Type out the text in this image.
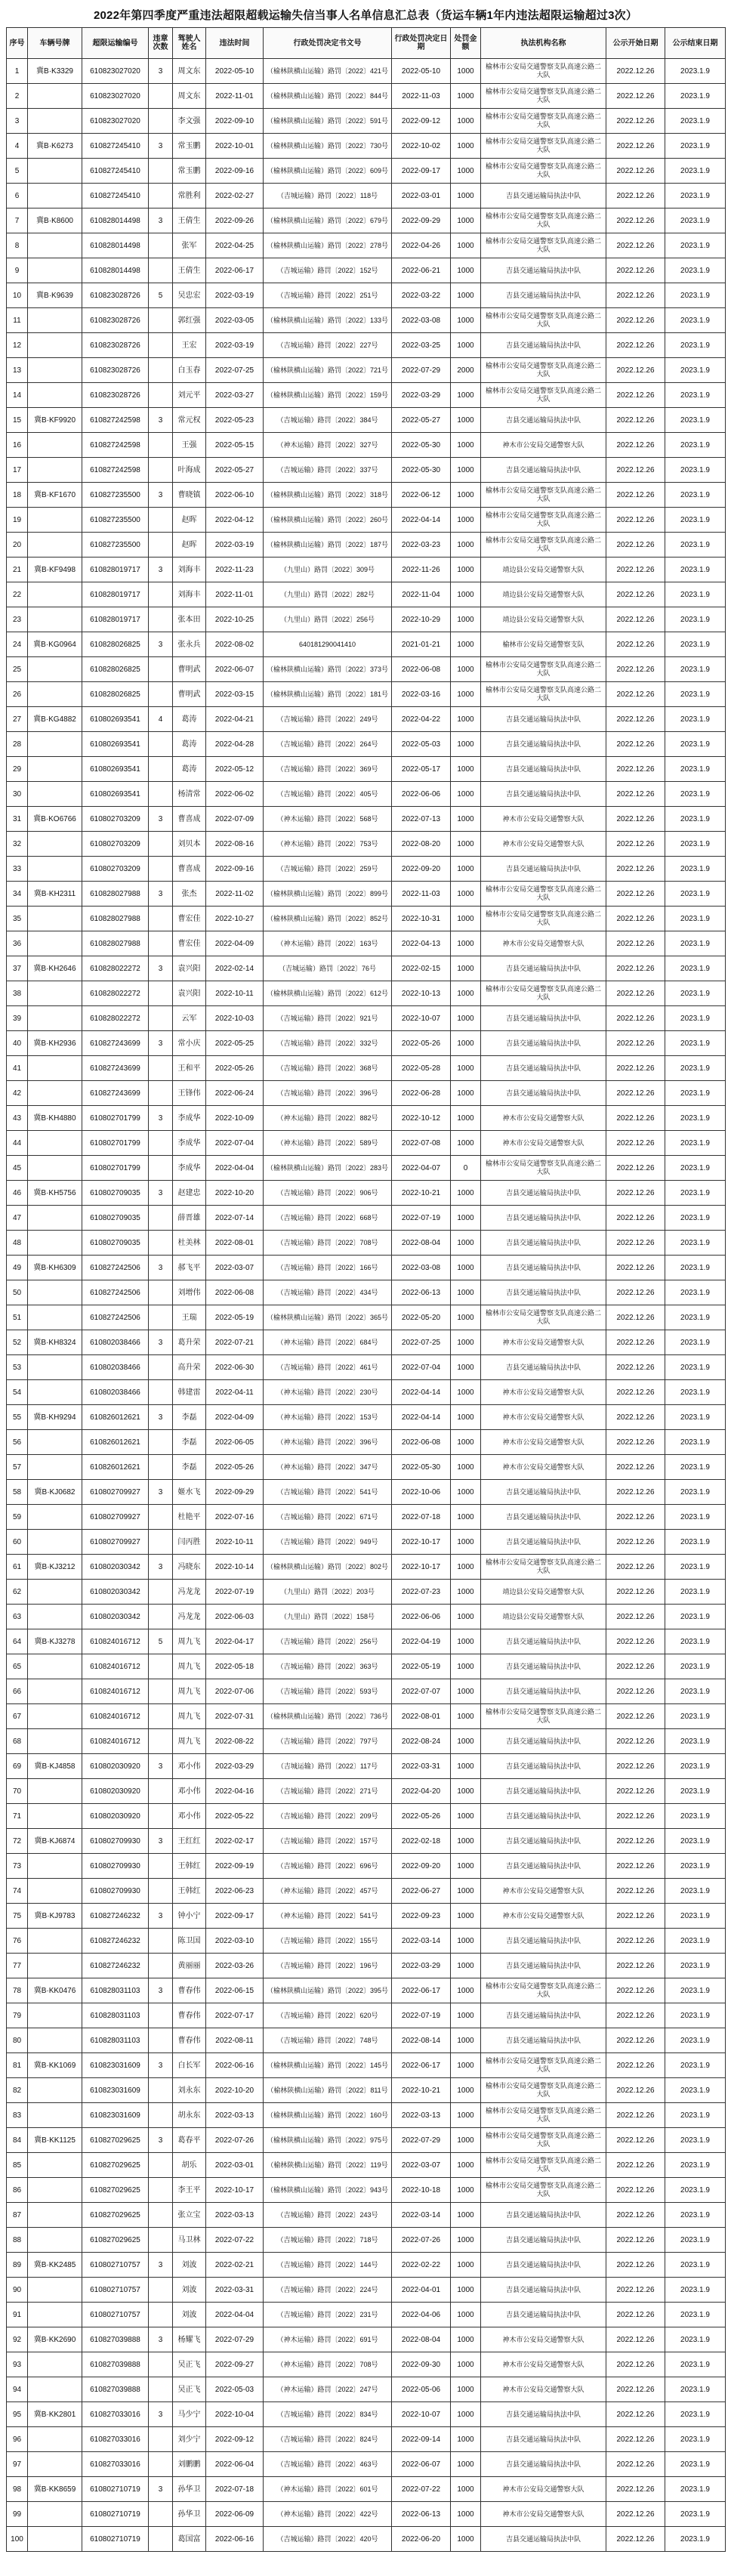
2022年第四季度严重违法超限超载运输失信当事人名单信息汇总表（货运车辆1年内违法超限运输超过3次）
序号	车辆号牌	超限运输编号	违章次数	驾驶人姓名	违法时间	行政处罚决定书文号	行政处罚决定日期	处罚金额	执法机构名称	公示开始日期	公示结束日期
1	冀B·K3329	610823027020	3	周文东	2022-05-10	（榆林陕横山运输）路罚〔2022〕421号	2022-05-10	1000	榆林市公安局交通警察支队高速公路二大队	2022.12.26	2023.1.9
2		610823027020		周文东	2022-11-01	（榆林陕横山运输）路罚〔2022〕844号	2022-11-03	1000	榆林市公安局交通警察支队高速公路二大队	2022.12.26	2023.1.9
3		610823027020		李文强	2022-09-10	（榆林陕横山运输）路罚〔2022〕591号	2022-09-12	1000	榆林市公安局交通警察支队高速公路二大队	2022.12.26	2023.1.9
4	冀B·K6273	610827245410	3	常玉鹏	2022-10-01	（榆林陕横山运输）路罚〔2022〕730号	2022-10-02	1000	榆林市公安局交通警察支队高速公路二大队	2022.12.26	2023.1.9
5		610827245410		常玉鹏	2022-09-16	（榆林陕横山运输）路罚〔2022〕609号	2022-09-17	1000	榆林市公安局交通警察支队高速公路二大队	2022.12.26	2023.1.9
6		610827245410		常胜利	2022-02-27	（吉城运输）路罚〔2022〕118号	2022-03-01	1000	吉县交通运输局执法中队	2022.12.26	2023.1.9
7	冀B·K8600	610828014498	3	王倩生	2022-09-26	（榆林陕横山运输）路罚〔2022〕679号	2022-09-29	1000	榆林市公安局交通警察支队高速公路二大队	2022.12.26	2023.1.9
8		610828014498		张军	2022-04-25	（榆林陕横山运输）路罚〔2022〕278号	2022-04-26	1000	榆林市公安局交通警察支队高速公路二大队	2022.12.26	2023.1.9
9		610828014498		王倩生	2022-06-17	（吉城运输）路罚〔2022〕152号	2022-06-21	1000	吉县交通运输局执法中队	2022.12.26	2023.1.9
10	冀B·K9639	610823028726	5	吴忠宏	2022-03-19	（吉城运输）路罚〔2022〕251号	2022-03-22	1000	吉县交通运输局执法中队	2022.12.26	2023.1.9
11		610823028726		郭红强	2022-03-05	（榆林陕横山运输）路罚〔2022〕133号	2022-03-08	1000	榆林市公安局交通警察支队高速公路二大队	2022.12.26	2023.1.9
12		610823028726		王宏	2022-03-19	（吉城运输）路罚〔2022〕227号	2022-03-25	1000	吉县交通运输局执法中队	2022.12.26	2023.1.9
13		610823028726		白玉春	2022-07-25	（榆林陕横山运输）路罚〔2022〕721号	2022-07-29	2000	榆林市公安局交通警察支队高速公路二大队	2022.12.26	2023.1.9
14		610823028726		刘元平	2022-03-27	（榆林陕横山运输）路罚〔2022〕159号	2022-03-29	1000	榆林市公安局交通警察支队高速公路二大队	2022.12.26	2023.1.9
15	冀B·KF9920	610827242598	3	常元权	2022-05-23	（吉城运输）路罚〔2022〕384号	2022-05-27	1000	吉县交通运输局执法中队	2022.12.26	2023.1.9
16		610827242598		王强	2022-05-15	（神木运输）路罚〔2022〕327号	2022-05-30	1000	神木市公安局交通警察大队	2022.12.26	2023.1.9
17		610827242598		叶海成	2022-05-27	（吉城运输）路罚〔2022〕337号	2022-05-30	1000	吉县交通运输局执法中队	2022.12.26	2023.1.9
18	冀B·KF1670	610827235500	3	曹晓镇	2022-06-10	（榆林陕横山运输）路罚〔2022〕318号	2022-06-12	1000	榆林市公安局交通警察支队高速公路二大队	2022.12.26	2023.1.9
19		610827235500		赵晖	2022-04-12	（榆林陕横山运输）路罚〔2022〕260号	2022-04-14	1000	榆林市公安局交通警察支队高速公路二大队	2022.12.26	2023.1.9
20		610827235500		赵晖	2022-03-19	（榆林陕横山运输）路罚〔2022〕187号	2022-03-23	1000	榆林市公安局交通警察支队高速公路二大队	2022.12.26	2023.1.9
21	冀B·KF9498	610828019717	3	刘海丰	2022-11-23	（九里山）路罚〔2022〕309号	2022-11-26	1000	靖边县公安局交通警察大队	2022.12.26	2023.1.9
22		610828019717		刘海丰	2022-11-01	（九里山）路罚〔2022〕282号	2022-11-04	1000	靖边县公安局交通警察大队	2022.12.26	2023.1.9
23		610828019717		张本田	2022-10-25	（九里山）路罚〔2022〕256号	2022-10-29	1000	靖边县公安局交通警察大队	2022.12.26	2023.1.9
24	冀B·KG0964	610828026825	3	张永兵	2022-08-02	640181290041410	2021-01-21	1000	榆林市公安局交通警察支队	2022.12.26	2023.1.9
25		610828026825		曹明武	2022-06-07	（榆林陕横山运输）路罚〔2022〕373号	2022-06-08	1000	榆林市公安局交通警察支队高速公路二大队	2022.12.26	2023.1.9
26		610828026825		曹明武	2022-03-15	（榆林陕横山运输）路罚〔2022〕181号	2022-03-16	1000	榆林市公安局交通警察支队高速公路二大队	2022.12.26	2023.1.9
27	冀B·KG4882	610802693541	4	葛涛	2022-04-21	（吉城运输）路罚〔2022〕249号	2022-04-22	1000	吉县交通运输局执法中队	2022.12.26	2023.1.9
28		610802693541		葛涛	2022-04-28	（吉城运输）路罚〔2022〕264号	2022-05-03	1000	吉县交通运输局执法中队	2022.12.26	2023.1.9
29		610802693541		葛涛	2022-05-12	（吉城运输）路罚〔2022〕369号	2022-05-17	1000	吉县交通运输局执法中队	2022.12.26	2023.1.9
30		610802693541		杨清常	2022-06-02	（吉城运输）路罚〔2022〕405号	2022-06-06	1000	吉县交通运输局执法中队	2022.12.26	2023.1.9
31	冀B·KO6766	610802703209	3	曹喜成	2022-07-09	（神木运输）路罚〔2022〕568号	2022-07-13	1000	神木市公安局交通警察大队	2022.12.26	2023.1.9
32		610802703209		刘贝本	2022-08-16	（神木运输）路罚〔2022〕753号	2022-08-20	1000	神木市公安局交通警察大队	2022.12.26	2023.1.9
33		610802703209		曹喜成	2022-09-16	（吉城运输）路罚〔2022〕259号	2022-09-20	1000	吉县交通运输局执法中队	2022.12.26	2023.1.9
34	冀B·KH2311	610828027988	3	张杰	2022-11-02	（榆林陕横山运输）路罚〔2022〕899号	2022-11-03	1000	榆林市公安局交通警察支队高速公路二大队	2022.12.26	2023.1.9
35		610828027988		曹宏佳	2022-10-27	（榆林陕横山运输）路罚〔2022〕852号	2022-10-31	1000	榆林市公安局交通警察支队高速公路二大队	2022.12.26	2023.1.9
36		610828027988		曹宏佳	2022-04-09	（神木运输）路罚〔2022〕163号	2022-04-13	1000	神木市公安局交通警察大队	2022.12.26	2023.1.9
37	冀B·KH2646	610828022272	3	袁兴阳	2022-02-14	（吉城运输）路罚〔2022〕76号	2022-02-15	1000	吉县交通运输局执法中队	2022.12.26	2023.1.9
38		610828022272		袁兴阳	2022-10-11	（榆林陕横山运输）路罚〔2022〕612号	2022-10-13	1000	榆林市公安局交通警察支队高速公路二大队	2022.12.26	2023.1.9
39		610828022272		云军	2022-10-03	（吉城运输）路罚〔2022〕921号	2022-10-07	1000	吉县交通运输局执法中队	2022.12.26	2023.1.9
40	冀B·KH2936	610827243699	3	常小庆	2022-05-25	（吉城运输）路罚〔2022〕332号	2022-05-26	1000	吉县交通运输局执法中队	2022.12.26	2023.1.9
41		610827243699		王和平	2022-05-26	（吉城运输）路罚〔2022〕368号	2022-05-28	1000	吉县交通运输局执法中队	2022.12.26	2023.1.9
42		610827243699		王锋伟	2022-06-24	（吉城运输）路罚〔2022〕396号	2022-06-28	1000	吉县交通运输局执法中队	2022.12.26	2023.1.9
43	冀B·KH4880	610802701799	3	李成华	2022-10-09	（神木运输）路罚〔2022〕882号	2022-10-12	1000	神木市公安局交通警察大队	2022.12.26	2023.1.9
44		610802701799		李成华	2022-07-04	（神木运输）路罚〔2022〕589号	2022-07-08	1000	神木市公安局交通警察大队	2022.12.26	2023.1.9
45		610802701799		李成华	2022-04-04	（榆林陕横山运输）路罚〔2022〕283号	2022-04-07	0	榆林市公安局交通警察支队高速公路二大队	2022.12.26	2023.1.9
46	冀B·KH5756	610802709035	3	赵建忠	2022-10-20	（吉城运输）路罚〔2022〕906号	2022-10-21	1000	吉县交通运输局执法中队	2022.12.26	2023.1.9
47		610802709035		薛晋雄	2022-07-14	（吉城运输）路罚〔2022〕668号	2022-07-19	1000	吉县交通运输局执法中队	2022.12.26	2023.1.9
48		610802709035		杜美林	2022-08-01	（吉城运输）路罚〔2022〕708号	2022-08-04	1000	吉县交通运输局执法中队	2022.12.26	2023.1.9
49	冀B·KH6309	610827242506	3	郝飞平	2022-03-07	（吉城运输）路罚〔2022〕166号	2022-03-08	1000	吉县交通运输局执法中队	2022.12.26	2023.1.9
50		610827242506		刘增伟	2022-06-08	（吉城运输）路罚〔2022〕434号	2022-06-13	1000	吉县交通运输局执法中队	2022.12.26	2023.1.9
51		610827242506		王瑞	2022-05-19	（榆林陕横山运输）路罚〔2022〕365号	2022-05-20	1000	榆林市公安局交通警察支队高速公路二大队	2022.12.26	2023.1.9
52	冀B·KH8324	610802038466	3	葛升荣	2022-07-21	（神木运输）路罚〔2022〕684号	2022-07-25	1000	神木市公安局交通警察大队	2022.12.26	2023.1.9
53		610802038466		高升荣	2022-06-30	（吉城运输）路罚〔2022〕461号	2022-07-04	1000	吉县交通运输局执法中队	2022.12.26	2023.1.9
54		610802038466		韩建雷	2022-04-11	（神木运输）路罚〔2022〕230号	2022-04-14	1000	神木市公安局交通警察大队	2022.12.26	2023.1.9
55	冀B·KH9294	610826012621	3	李磊	2022-04-09	（神木运输）路罚〔2022〕153号	2022-04-14	1000	神木市公安局交通警察大队	2022.12.26	2023.1.9
56		610826012621		李磊	2022-06-05	（神木运输）路罚〔2022〕396号	2022-06-08	1000	神木市公安局交通警察大队	2022.12.26	2023.1.9
57		610826012621		李磊	2022-05-26	（神木运输）路罚〔2022〕347号	2022-05-30	1000	神木市公安局交通警察大队	2022.12.26	2023.1.9
58	冀B·KJ0682	610802709927	3	姬水飞	2022-09-29	（吉城运输）路罚〔2022〕541号	2022-10-06	1000	吉县交通运输局执法中队	2022.12.26	2023.1.9
59		610802709927		杜艳平	2022-07-16	（吉城运输）路罚〔2022〕671号	2022-07-18	1000	吉县交通运输局执法中队	2022.12.26	2023.1.9
60		610802709927		闫丙胜	2022-10-11	（吉城运输）路罚〔2022〕949号	2022-10-17	1000	吉县交通运输局执法中队	2022.12.26	2023.1.9
61	冀B·KJ3212	610802030342	3	冯晓东	2022-10-14	（榆林陕横山运输）路罚〔2022〕802号	2022-10-17	1000	榆林市公安局交通警察支队高速公路二大队	2022.12.26	2023.1.9
62		610802030342		冯龙龙	2022-07-19	（九里山）路罚〔2022〕203号	2022-07-23	1000	靖边县公安局交通警察大队	2022.12.26	2023.1.9
63		610802030342		冯龙龙	2022-06-03	（九里山）路罚〔2022〕158号	2022-06-06	1000	靖边县公安局交通警察大队	2022.12.26	2023.1.9
64	冀B·KJ3278	610824016712	5	周九飞	2022-04-17	（吉城运输）路罚〔2022〕256号	2022-04-19	1000	吉县交通运输局执法中队	2022.12.26	2023.1.9
65		610824016712		周九飞	2022-05-18	（吉城运输）路罚〔2022〕363号	2022-05-19	1000	吉县交通运输局执法中队	2022.12.26	2023.1.9
66		610824016712		周九飞	2022-07-06	（吉城运输）路罚〔2022〕593号	2022-07-07	1000	吉县交通运输局执法中队	2022.12.26	2023.1.9
67		610824016712		周九飞	2022-07-31	（榆林陕横山运输）路罚〔2022〕736号	2022-08-01	1000	榆林市公安局交通警察支队高速公路二大队	2022.12.26	2023.1.9
68		610824016712		周九飞	2022-08-22	（吉城运输）路罚〔2022〕797号	2022-08-24	1000	吉县交通运输局执法中队	2022.12.26	2023.1.9
69	冀B·KJ4858	610802030920	3	邓小伟	2022-03-29	（吉城运输）路罚〔2022〕117号	2022-03-31	1000	吉县交通运输局执法中队	2022.12.26	2023.1.9
70		610802030920		邓小伟	2022-04-16	（吉城运输）路罚〔2022〕271号	2022-04-20	1000	吉县交通运输局执法中队	2022.12.26	2023.1.9
71		610802030920		邓小伟	2022-05-22	（吉城运输）路罚〔2022〕209号	2022-05-26	1000	吉县交通运输局执法中队	2022.12.26	2023.1.9
72	冀B·KJ6874	610802709930	3	王红红	2022-02-17	（吉城运输）路罚〔2022〕157号	2022-02-18	1000	吉县交通运输局执法中队	2022.12.26	2023.1.9
73		610802709930		王韩红	2022-09-19	（吉城运输）路罚〔2022〕696号	2022-09-20	1000	吉县交通运输局执法中队	2022.12.26	2023.1.9
74		610802709930		王韩红	2022-06-23	（神木运输）路罚〔2022〕457号	2022-06-27	1000	神木市公安局交通警察大队	2022.12.26	2023.1.9
75	冀B·KJ9783	610827246232	3	钟小宁	2022-09-17	（神木运输）路罚〔2022〕541号	2022-09-23	1000	神木市公安局交通警察大队	2022.12.26	2023.1.9
76		610827246232		陈卫国	2022-03-10	（吉城运输）路罚〔2022〕155号	2022-03-14	1000	吉县交通运输局执法中队	2022.12.26	2023.1.9
77		610827246232		黄丽丽	2022-03-26	（吉城运输）路罚〔2022〕196号	2022-03-29	1000	吉县交通运输局执法中队	2022.12.26	2023.1.9
78	冀B·KK0476	610828031103	3	曹春伟	2022-06-15	（榆林陕横山运输）路罚〔2022〕395号	2022-06-17	1000	榆林市公安局交通警察支队高速公路二大队	2022.12.26	2023.1.9
79		610828031103		曹春伟	2022-07-17	（吉城运输）路罚〔2022〕620号	2022-07-19	1000	吉县交通运输局执法中队	2022.12.26	2023.1.9
80		610828031103		曹春伟	2022-08-11	（吉城运输）路罚〔2022〕748号	2022-08-14	1000	吉县交通运输局执法中队	2022.12.26	2023.1.9
81	冀B·KK1069	610823031609	3	白长军	2022-06-16	（榆林陕横山运输）路罚〔2022〕145号	2022-06-17	1000	榆林市公安局交通警察支队高速公路二大队	2022.12.26	2023.1.9
82		610823031609		刘永东	2022-10-20	（榆林陕横山运输）路罚〔2022〕811号	2022-10-21	1000	榆林市公安局交通警察支队高速公路二大队	2022.12.26	2023.1.9
83		610823031609		胡永东	2022-03-13	（榆林陕横山运输）路罚〔2022〕160号	2022-03-13	1000	榆林市公安局交通警察支队高速公路二大队	2022.12.26	2023.1.9
84	冀B·KK1125	610827029625	3	葛春平	2022-07-26	（榆林陕横山运输）路罚〔2022〕975号	2022-07-29	1000	榆林市公安局交通警察支队高速公路二大队	2022.12.26	2023.1.9
85		610827029625		胡乐	2022-03-01	（榆林陕横山运输）路罚〔2022〕119号	2022-03-07	1000	榆林市公安局交通警察支队高速公路二大队	2022.12.26	2023.1.9
86		610827029625		李王平	2022-10-17	（榆林陕横山运输）路罚〔2022〕943号	2022-10-18	1000	榆林市公安局交通警察支队高速公路二大队	2022.12.26	2023.1.9
87		610827029625		张立宝	2022-03-13	（吉城运输）路罚〔2022〕243号	2022-03-14	1000	吉县交通运输局执法中队	2022.12.26	2023.1.9
88		610827029625		马卫林	2022-07-22	（吉城运输）路罚〔2022〕718号	2022-07-26	1000	吉县交通运输局执法中队	2022.12.26	2023.1.9
89	冀B·KK2485	610802710757	3	刘波	2022-02-21	（吉城运输）路罚〔2022〕144号	2022-02-22	1000	吉县交通运输局执法中队	2022.12.26	2023.1.9
90		610802710757		刘波	2022-03-31	（吉城运输）路罚〔2022〕224号	2022-04-01	1000	吉县交通运输局执法中队	2022.12.26	2023.1.9
91		610802710757		刘波	2022-04-04	（吉城运输）路罚〔2022〕231号	2022-04-06	1000	吉县交通运输局执法中队	2022.12.26	2023.1.9
92	冀B·KK2690	610827039888	3	杨耀飞	2022-07-29	（神木运输）路罚〔2022〕691号	2022-08-04	1000	神木市公安局交通警察大队	2022.12.26	2023.1.9
93		610827039888		吴正飞	2022-09-27	（神木运输）路罚〔2022〕708号	2022-09-30	1000	神木市公安局交通警察大队	2022.12.26	2023.1.9
94		610827039888		吴正飞	2022-05-03	（神木运输）路罚〔2022〕247号	2022-05-06	1000	神木市公安局交通警察大队	2022.12.26	2023.1.9
95	冀B·KK2801	610827033016	3	马少宁	2022-10-04	（吉城运输）路罚〔2022〕834号	2022-10-07	1000	吉县交通运输局执法中队	2022.12.26	2023.1.9
96		610827033016		刘少宁	2022-09-12	（吉城运输）路罚〔2022〕824号	2022-09-14	1000	吉县交通运输局执法中队	2022.12.26	2023.1.9
97		610827033016		刘鹏鹏	2022-06-04	（吉城运输）路罚〔2022〕463号	2022-06-07	1000	吉县交通运输局执法中队	2022.12.26	2023.1.9
98	冀B·KK8659	610802710719	3	孙华卫	2022-07-18	（神木运输）路罚〔2022〕601号	2022-07-22	1000	神木市公安局交通警察大队	2022.12.26	2023.1.9
99		610802710719		孙华卫	2022-06-09	（神木运输）路罚〔2022〕422号	2022-06-13	1000	神木市公安局交通警察大队	2022.12.26	2023.1.9
100		610802710719		葛国富	2022-06-16	（吉城运输）路罚〔2022〕420号	2022-06-20	1000	吉县交通运输局执法中队	2022.12.26	2023.1.9
